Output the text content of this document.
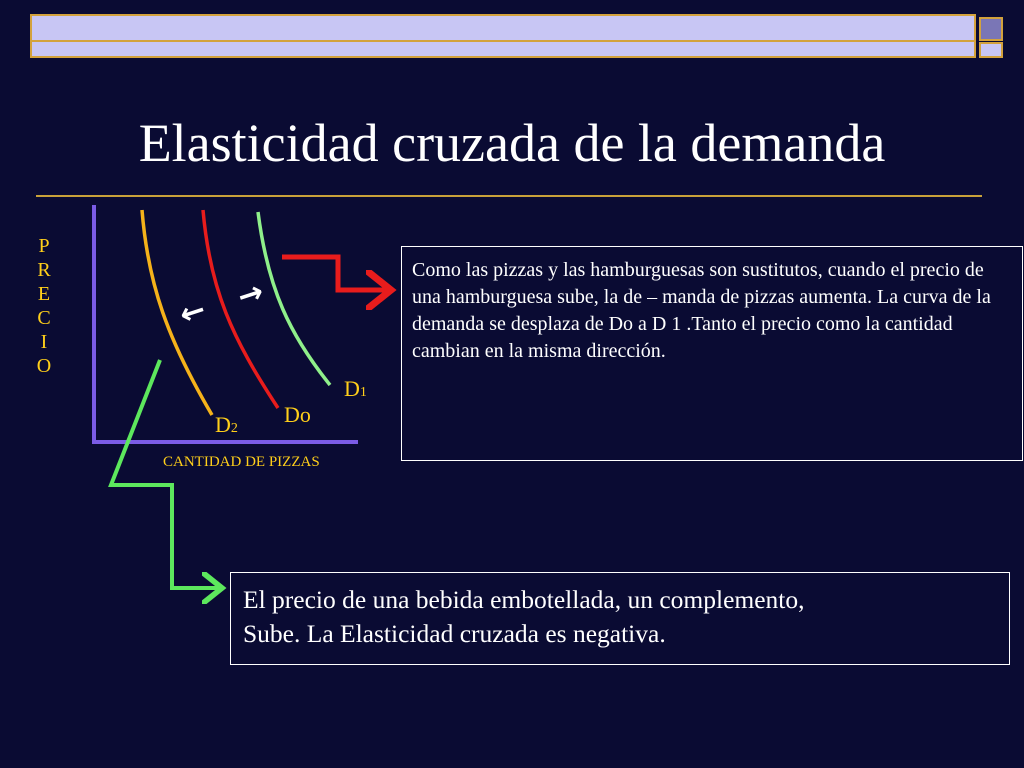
Elasticidad cruzada de la demanda
P
R
E
C
I
O
← →
D1
Do
D2
CANTIDAD DE PIZZAS
Como las pizzas y las hamburguesas son sustitutos, cuando el precio de una hamburguesa sube, la de – manda de pizzas aumenta. La curva de la demanda se desplaza de Do a D 1 .Tanto el precio como la cantidad cambian en la misma dirección.

El precio de una bebida embotellada, un complemento,

Sube. La Elasticidad cruzada es negativa.
